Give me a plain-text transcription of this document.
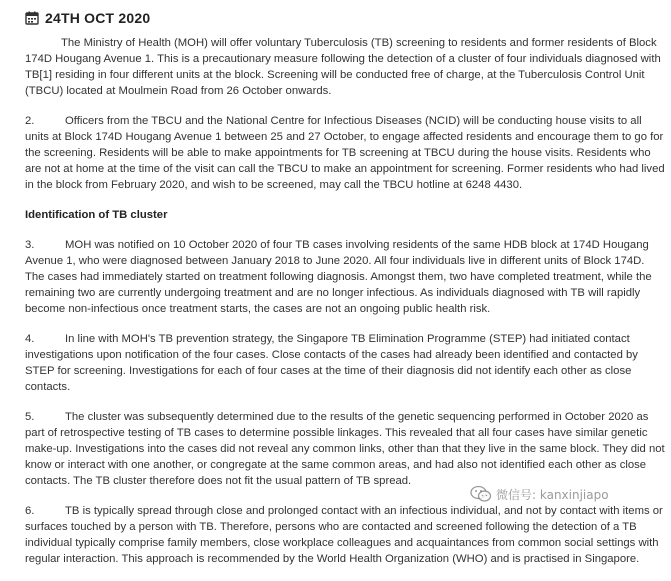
24TH OCT 2020

The Ministry of Health (MOH) will offer voluntary Tuberculosis (TB) screening to residents and former residents of Block 174D Hougang Avenue 1. This is a precautionary measure following the detection of a cluster of four individuals diagnosed with TB[1] residing in four different units at the block. Screening will be conducted free of charge, at the Tuberculosis Control Unit (TBCU) located at Moulmein Road from 26 October onwards.

2.	Officers from the TBCU and the National Centre for Infectious Diseases (NCID) will be conducting house visits to all units at Block 174D Hougang Avenue 1 between 25 and 27 October, to engage affected residents and encourage them to go for the screening. Residents will be able to make appointments for TB screening at TBCU during the house visits. Residents who are not at home at the time of the visit can call the TBCU to make an appointment for screening. Former residents who had lived in the block from February 2020, and wish to be screened, may call the TBCU hotline at 6248 4430.

Identification of TB cluster

3.	MOH was notified on 10 October 2020 of four TB cases involving residents of the same HDB block at 174D Hougang Avenue 1, who were diagnosed between January 2018 to June 2020. All four individuals live in different units of Block 174D. The cases had immediately started on treatment following diagnosis. Amongst them, two have completed treatment, while the remaining two are currently undergoing treatment and are no longer infectious. As individuals diagnosed with TB will rapidly become non-infectious once treatment starts, the cases are not an ongoing public health risk.

4.	In line with MOH's TB prevention strategy, the Singapore TB Elimination Programme (STEP) had initiated contact investigations upon notification of the four cases. Close contacts of the cases had already been identified and contacted by STEP for screening. Investigations for each of four cases at the time of their diagnosis did not identify each other as close contacts.

5.	The cluster was subsequently determined due to the results of the genetic sequencing performed in October 2020 as part of retrospective testing of TB cases to determine possible linkages. This revealed that all four cases have similar genetic make-up. Investigations into the cases did not reveal any common links, other than that they live in the same block. They did not know or interact with one another, or congregate at the same common areas, and had also not identified each other as close contacts. The TB cluster therefore does not fit the usual pattern of TB spread.

6.	TB is typically spread through close and prolonged contact with an infectious individual, and not by contact with items or surfaces touched by a person with TB. Therefore, persons who are contacted and screened following the detection of a TB individual typically comprise family members, close workplace colleagues and acquaintances from common social settings with regular interaction. This approach is recommended by the World Health Organization (WHO) and is practised in Singapore.

微信号: kanxinjiapo
